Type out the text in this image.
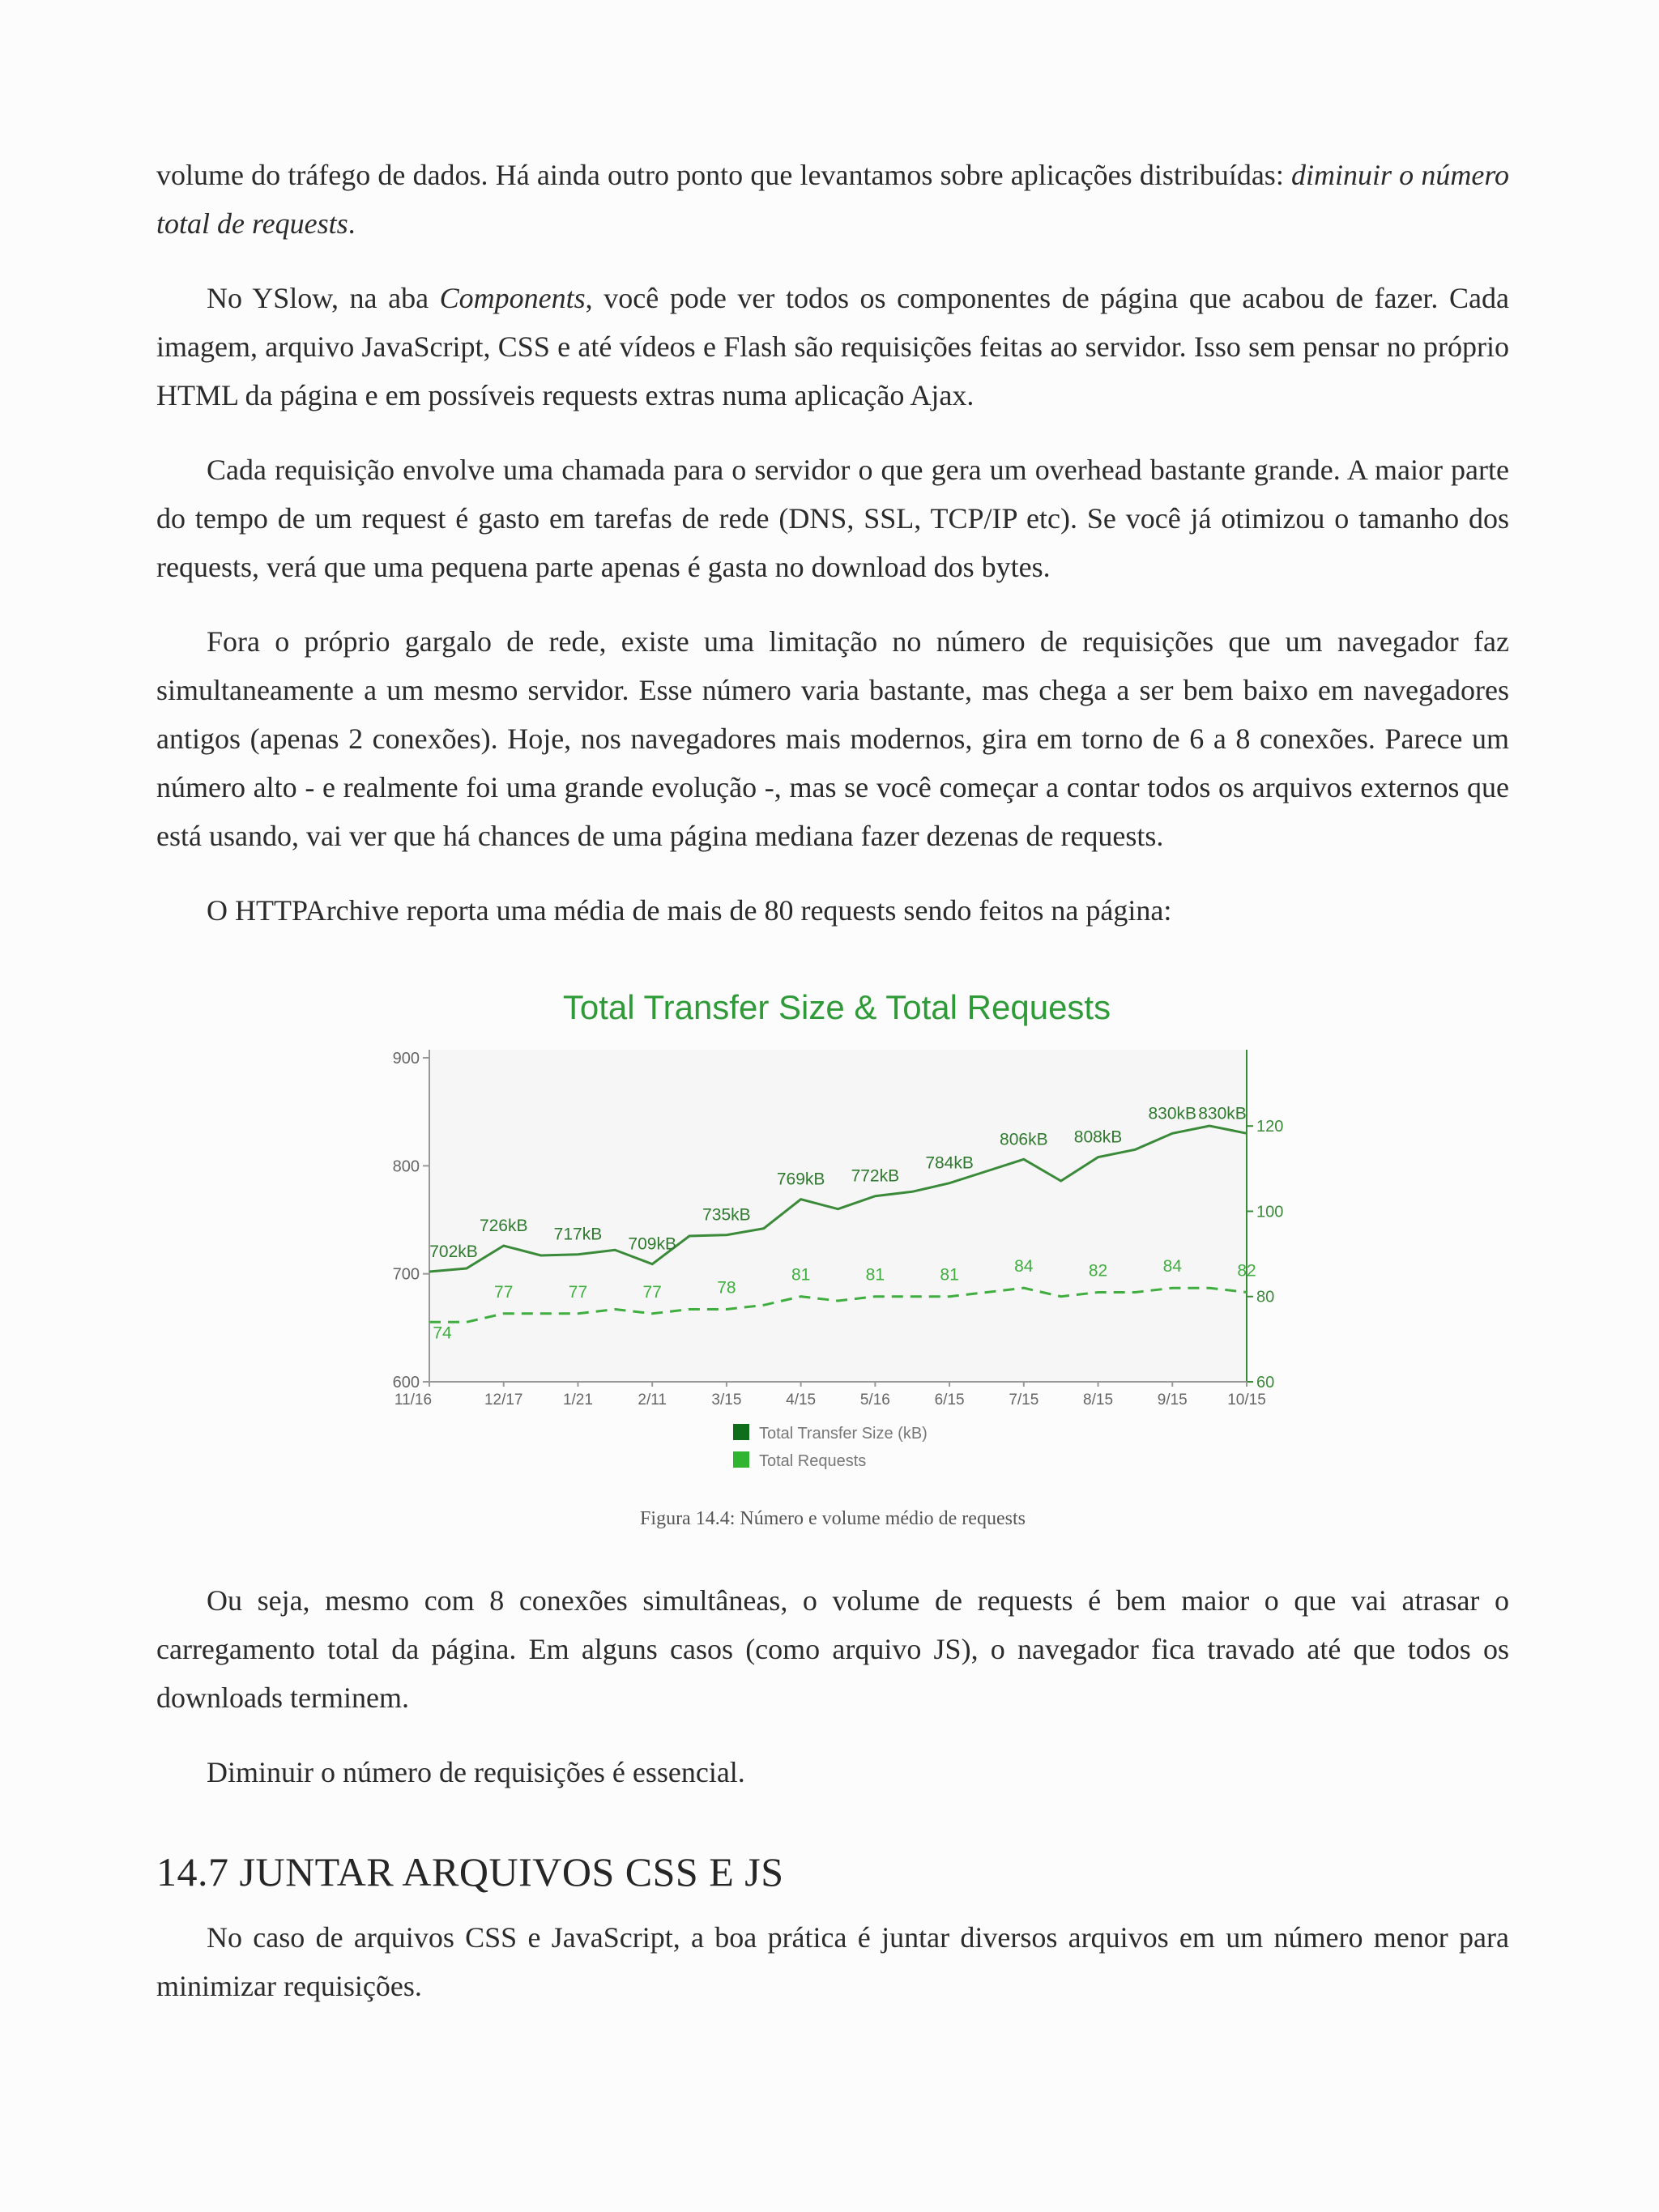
volume do tráfego de dados. Há ainda outro ponto que levantamos sobre aplicações distribuídas: diminuir o número total de requests.

No YSlow, na aba Components, você pode ver todos os componentes de página que acabou de fazer. Cada imagem, arquivo JavaScript, CSS e até vídeos e Flash são requisições feitas ao servidor. Isso sem pensar no próprio HTML da página e em possíveis requests extras numa aplicação Ajax.

Cada requisição envolve uma chamada para o servidor o que gera um overhead bastante grande. A maior parte do tempo de um request é gasto em tarefas de rede (DNS, SSL, TCP/IP etc). Se você já otimizou o tamanho dos requests, verá que uma pequena parte apenas é gasta no download dos bytes.

Fora o próprio gargalo de rede, existe uma limitação no número de requisições que um navegador faz simultaneamente a um mesmo servidor. Esse número varia bastante, mas chega a ser bem baixo em navegadores antigos (apenas 2 conexões). Hoje, nos navegadores mais modernos, gira em torno de 6 a 8 conexões. Parece um número alto - e realmente foi uma grande evolução -, mas se você começar a contar todos os arquivos externos que está usando, vai ver que há chances de uma página mediana fazer dezenas de requests.

O HTTPArchive reporta uma média de mais de 80 requests sendo feitos na página:

Total Transfer Size & Total Requests
600
700
800
900
60
80
100
120
11/16	12/17	1/21	2/11	3/15	4/15	5/16	6/15	7/15	8/15	9/15	10/15
702kB
726kB 717kB
709kB
735kB
769kB 772kB
784kB
806kB 808kB
830kB 830kB
74
77	77	77	78
81	81	81	84	82	84	82
Total Transfer Size (kB)
Total Requests
Figura 14.4: Número e volume médio de requests

Ou seja, mesmo com 8 conexões simultâneas, o volume de requests é bem maior o que vai atrasar o carregamento total da página. Em alguns casos (como arquivo JS), o navegador fica travado até que todos os downloads terminem.

Diminuir o número de requisições é essencial.

14.7 JUNTAR ARQUIVOS CSS E JS

No caso de arquivos CSS e JavaScript, a boa prática é juntar diversos arquivos em um número menor para minimizar requisições.
